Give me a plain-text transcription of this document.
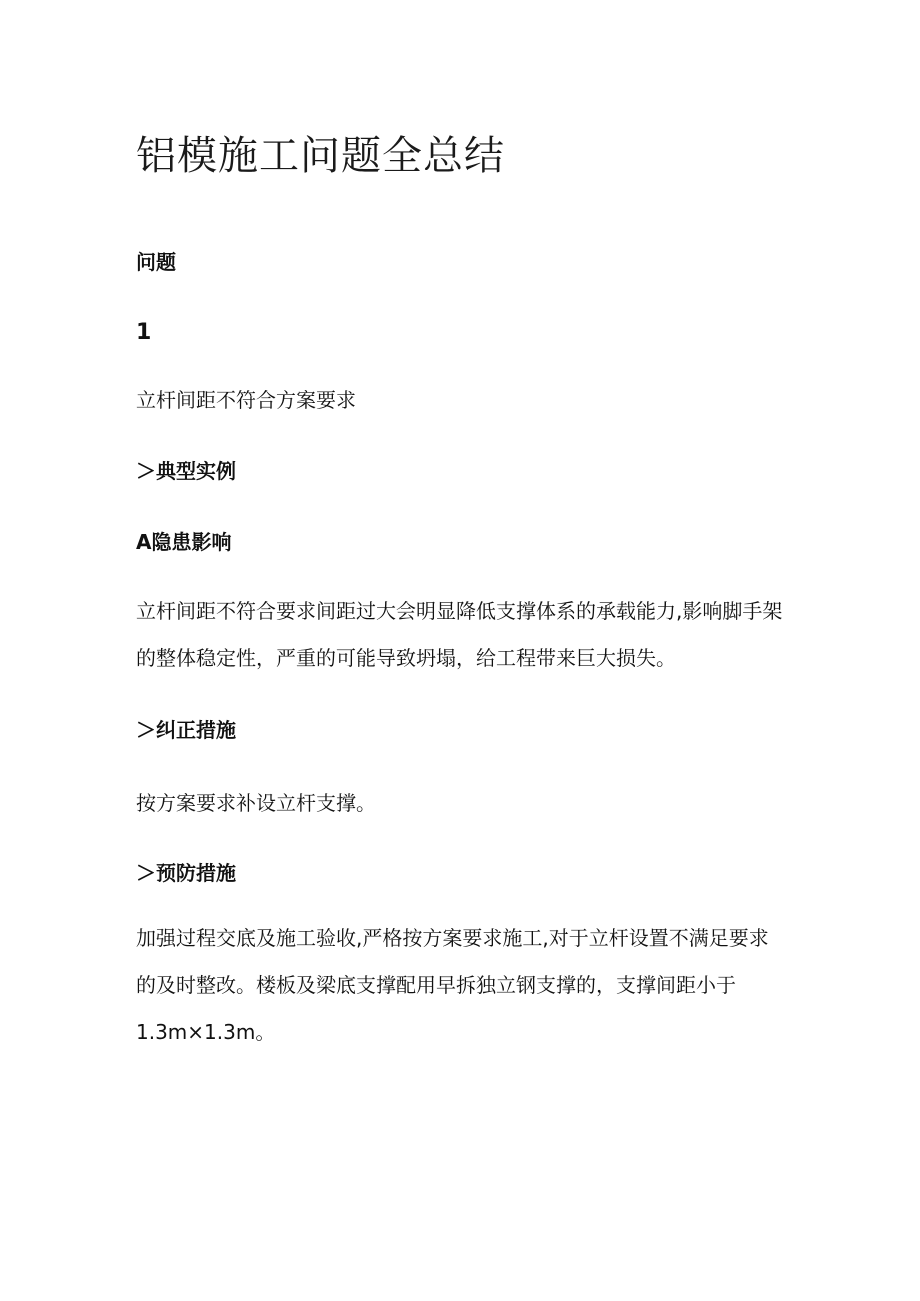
铝模施工问题全总结
问题
1
立杆间距不符合方案要求
＞典型实例
A隐患影响

立杆间距不符合要求间距过大会明显降低支撑体系的承载能力,影响脚手架
的整体稳定性，严重的可能导致坍塌，给工程带来巨大损失。

＞纠正措施

按方案要求补设立杆支撑。

＞预防措施

加强过程交底及施工验收,严格按方案要求施工,对于立杆设置不满足要求
的及时整改。楼板及梁底支撑配用早拆独立钢支撑的，支撑间距小于
1.3m×1.3m。
